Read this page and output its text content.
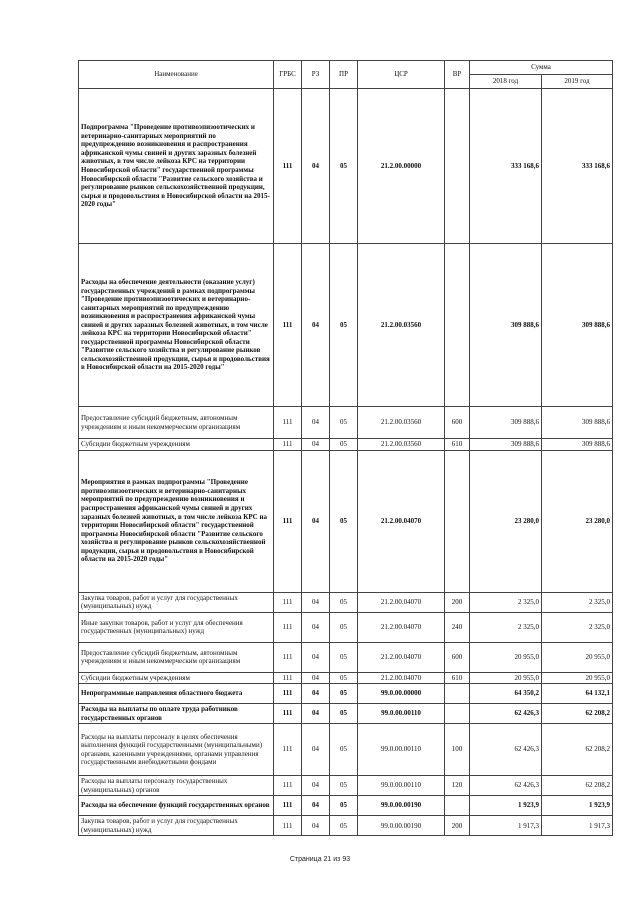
Наименование	ГРБС	РЗ	ПР	ЦСР	ВР	Сумма	
						2018 год	2019 год
Подпрограмма "Проведение противоэпизоотических и ветеринарно-санитарных мероприятий по предупреждению возникновения и распространения африканской чумы свиней и других заразных болезней животных, в том числе лейкоза КРС на территории Новосибирской области" государственной программы Новосибирской области "Развитие сельского хозяйства и регулирование рынков сельскохозяйственной продукции, сырья и продовольствия в Новосибирской области на 2015-2020 годы"	111	04	05	21.2.00.00000		333 168,6	333 168,6
Расходы на обеспечение деятельности (оказание услуг) государственных учреждений в рамках подпрограммы "Проведение противоэпизоотических и ветеринарно-санитарных мероприятий по предупреждению возникновения и распространения африканской чумы свиней и других заразных болезней животных, в том числе лейкоза КРС на территории Новосибирской области" государственной программы Новосибирской области "Развитие сельского хозяйства и регулирование рынков сельскохозяйственной продукции, сырья и продовольствия в Новосибирской области на 2015-2020 годы"	111	04	05	21.2.00.03560		309 888,6	309 888,6
Предоставление субсидий бюджетным, автономным учреждениям и иным некоммерческим организациям	111	04	05	21.2.00.03560	600	309 888,6	309 888,6
Субсидии бюджетным учреждениям	111	04	05	21.2.00.03560	610	309 888,6	309 888,6
Мероприятия в рамках подпрограммы "Проведение противоэпизоотических и ветеринарно-санитарных мероприятий по предупреждению возникновения и распространения африканской чумы свиней и других заразных болезней животных, в том числе лейкоза КРС на территории Новосибирской области" государственной программы Новосибирской области "Развитие сельского хозяйства и регулирование рынков сельскохозяйственной продукции, сырья и продовольствия в Новосибирской области на 2015-2020 годы"	111	04	05	21.2.00.04070		23 280,0	23 280,0
Закупка товаров, работ и услуг для государственных (муниципальных) нужд	111	04	05	21.2.00.04070	200	2 325,0	2 325,0
Иные закупки товаров, работ и услуг для обеспечения государственных (муниципальных) нужд	111	04	05	21.2.00.04070	240	2 325,0	2 325,0
Предоставление субсидий бюджетным, автономным учреждениям и иным некоммерческим организациям	111	04	05	21.2.00.04070	600	20 955,0	20 955,0
Субсидии бюджетным учреждениям	111	04	05	21.2.00.04070	610	20 955,0	20 955,0
Непрограммные направления областного бюджета	111	04	05	99.0.00.00000		64 350,2	64 132,1
Расходы на выплаты по оплате труда работников государственных органов	111	04	05	99.0.00.00110		62 426,3	62 208,2
Расходы на выплаты персоналу в целях обеспечения выполнения функций государственными (муниципальными) органами, казенными учреждениями, органами управления государственными внебюджетными фондами	111	04	05	99.0.00.00110	100	62 426,3	62 208,2
Расходы на выплаты персоналу государственных (муниципальных) органов	111	04	05	99.0.00.00110	120	62 426,3	62 208,2
Расходы на обеспечение функций государственных органов	111	04	05	99.0.00.00190		1 923,9	1 923,9
Закупка товаров, работ и услуг для государственных (муниципальных) нужд	111	04	05	99.0.00.00190	200	1 917,3	1 917,3
Страница 21 из 93
